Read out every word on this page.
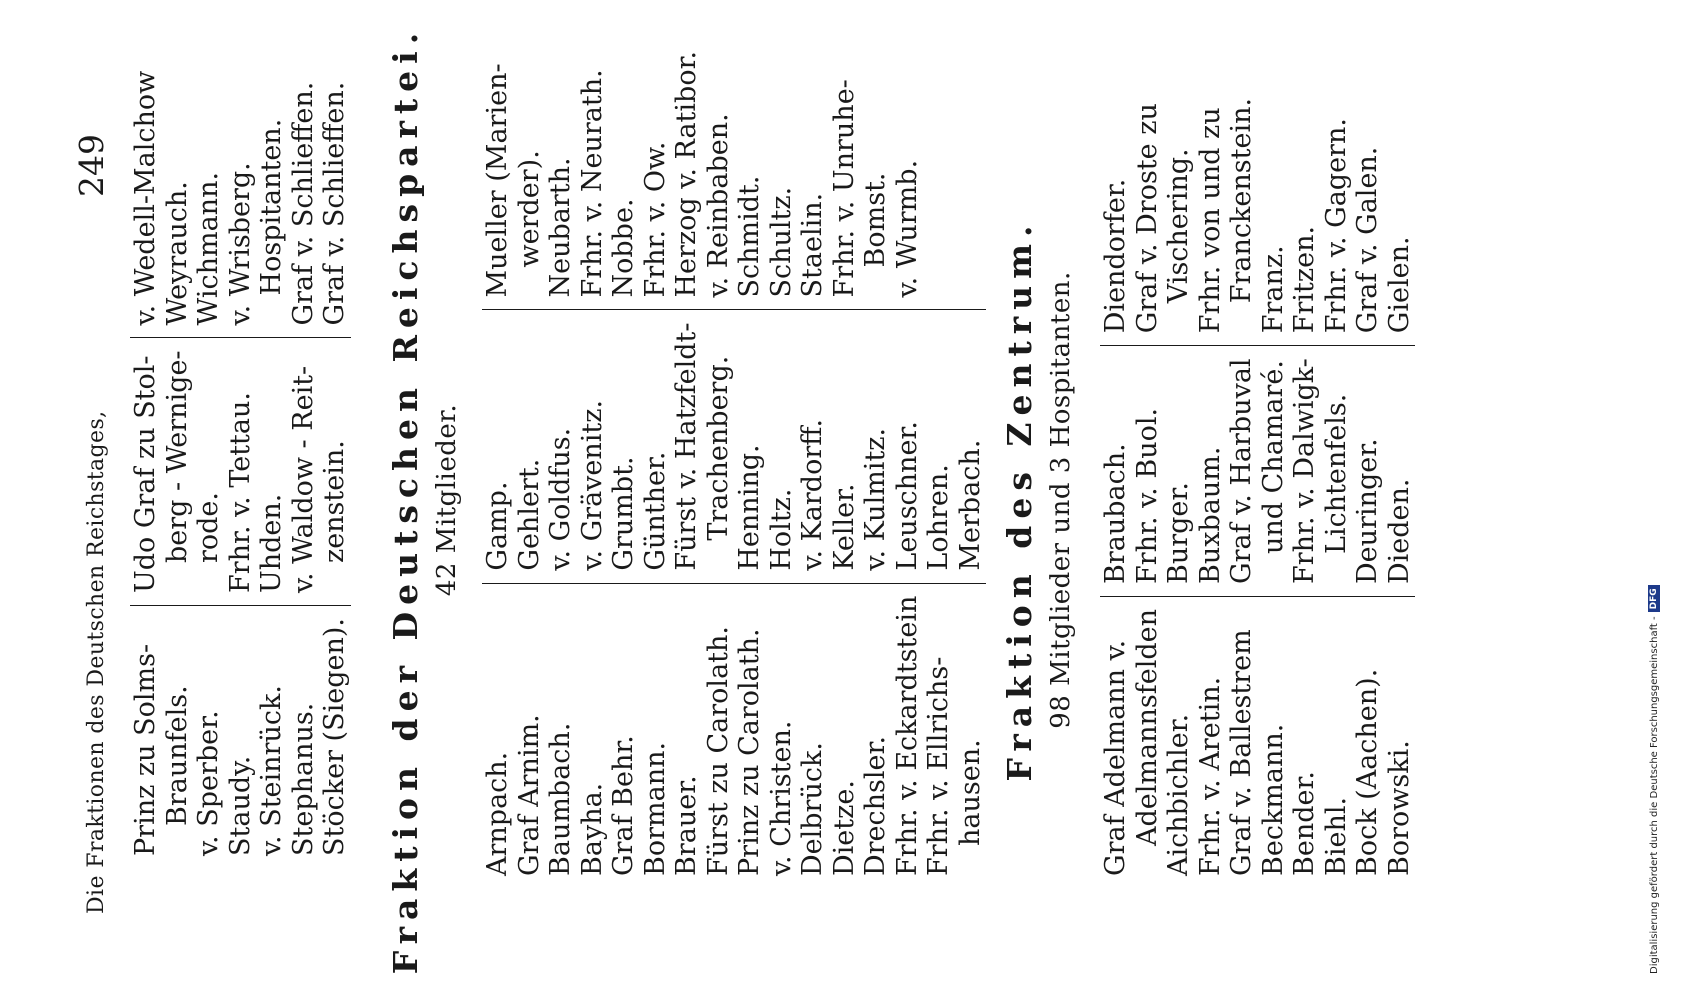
Die Fraktionen des Deutschen Reichstages,
249
Prinz zu Solms- Braunfels. v. Sperber. Staudy. v. Steinrück. Stephanus. Stöcker (Siegen).
Udo Graf zu Stol- berg - Wernige- rode. Frhr. v. Tettau. Uhden. v. Waldow - Reit- zenstein.
v. Wedell-Malchow Weyrauch. Wichmann. v. Wrisberg. Hospitanten. Graf v. Schlieffen. Graf v. Schlieffen. Fraktion der Deutschen Reichspartei. 42 Mitglieder.

Arnpach. Graf Arnim. Baumbach. Bayha. Graf Behr. Bormann. Brauer. Fürst zu Carolath. Prinz zu Carolath. v. Christen. Delbrück. Dietze. Drechsler. Frhr. v. Eckardtstein Frhr. v. Ellrichs- hausen.
Gamp. Gehlert. v. Goldfus. v. Grävenitz. Grumbt. Günther. Fürst v. Hatzfeldt- Trachenberg. Henning. Holtz. v. Kardorff. Keller. v. Kulmitz. Leuschner. Lohren. Merbach.
Mueller (Marien- werder). Neubarth. Frhr. v. Neurath. Nobbe. Frhr. v. Ow. Herzog v. Ratibor. v. Reinbaben. Schmidt. Schultz. Staelin. Frhr. v. Unruhe- Bomst. v. Wurmb. Fraktion des Zentrum. 98 Mitglieder und 3 Hospitanten.

Graf Adelmann v. Adelmannsfelden Aichbichler. Frhr. v. Aretin. Graf v. Ballestrem Beckmann. Bender. Biehl. Bock (Aachen). Borowski.
Braubach. Frhr. v. Buol. Burger. Buxbaum. Graf v. Harbuval und Chamaré. Frhr. v. Dalwigk- Lichtenfels. Deuringer. Dieden.
Diendorfer. Graf v. Droste zu Vischering. Frhr. von und zu Franckenstein. Franz. Fritzen. Frhr. v. Gagern. Graf v. Galen. Gielen.
Digitalisierung gefördert durch die Deutsche Forschungsgemeinschaft -
DFG
